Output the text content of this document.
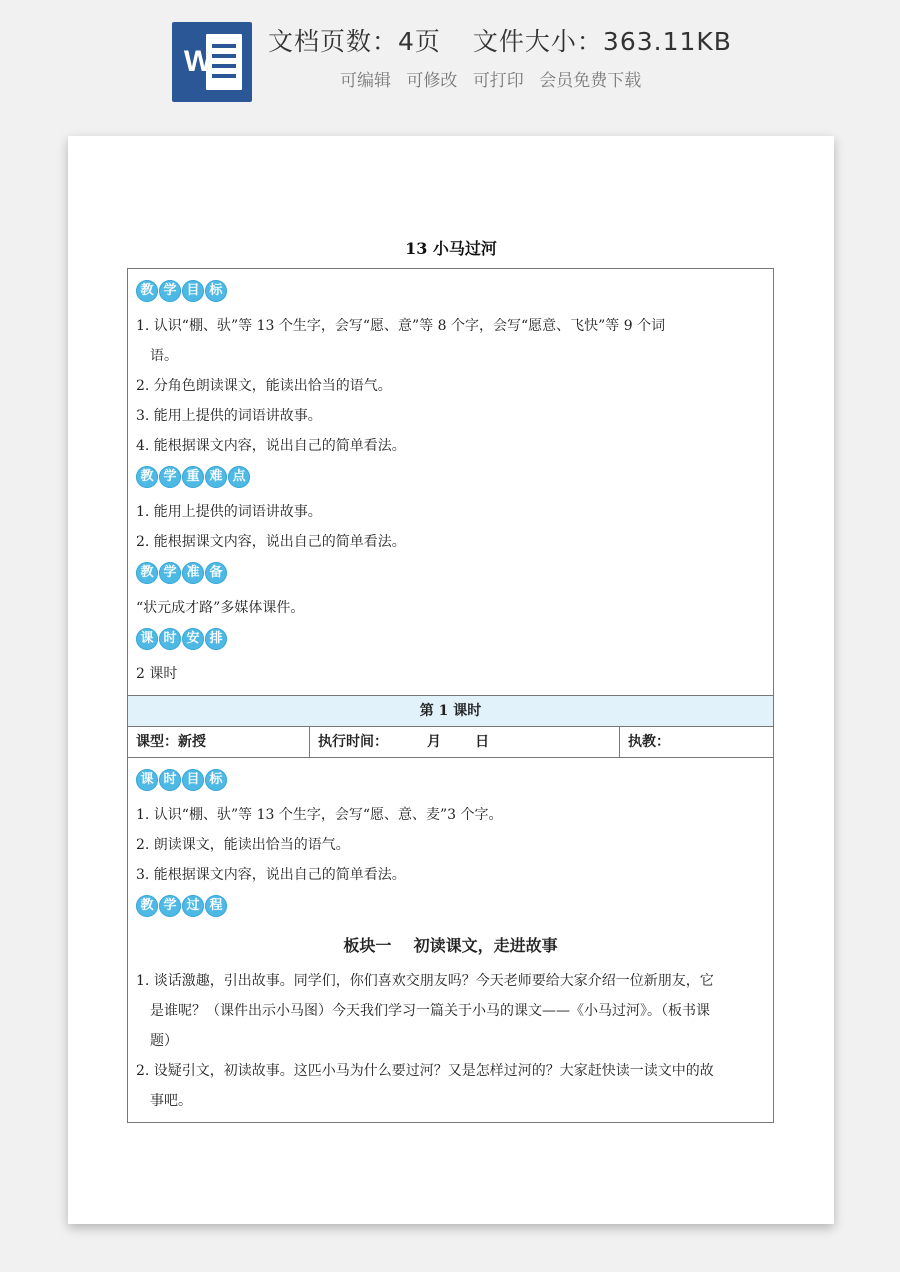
W
文档页数：4页 文件大小：363.11KB
可编辑 可修改 可打印 会员免费下载
13 小马过河
教 学 目 标
1. 认识“棚、驮”等 13 个生字，会写“愿、意”等 8 个字，会写“愿意、飞快”等 9 个词
语。
2. 分角色朗读课文，能读出恰当的语气。
3. 能用上提供的词语讲故事。
4. 能根据课文内容，说出自己的简单看法。
教 学 重 难 点
1. 能用上提供的词语讲故事。
2. 能根据课文内容，说出自己的简单看法。
教 学 准 备
“状元成才路”多媒体课件。
课 时 安 排
2 课时
第 1 课时
课型：新授	执行时间：        月       日	执教：
课 时 目 标
1. 认识“棚、驮”等 13 个生字，会写“愿、意、麦”3 个字。
2. 朗读课文，能读出恰当的语气。
3. 能根据课文内容，说出自己的简单看法。
教 学 过 程
板块一    初读课文，走进故事
1. 谈话激趣，引出故事。同学们，你们喜欢交朋友吗？今天老师要给大家介绍一位新朋友，它
是谁呢？（课件出示小马图）今天我们学习一篇关于小马的课文——《小马过河》。（板书课
题）
2. 设疑引文，初读故事。这匹小马为什么要过河？又是怎样过河的？大家赶快读一读文中的故
事吧。
